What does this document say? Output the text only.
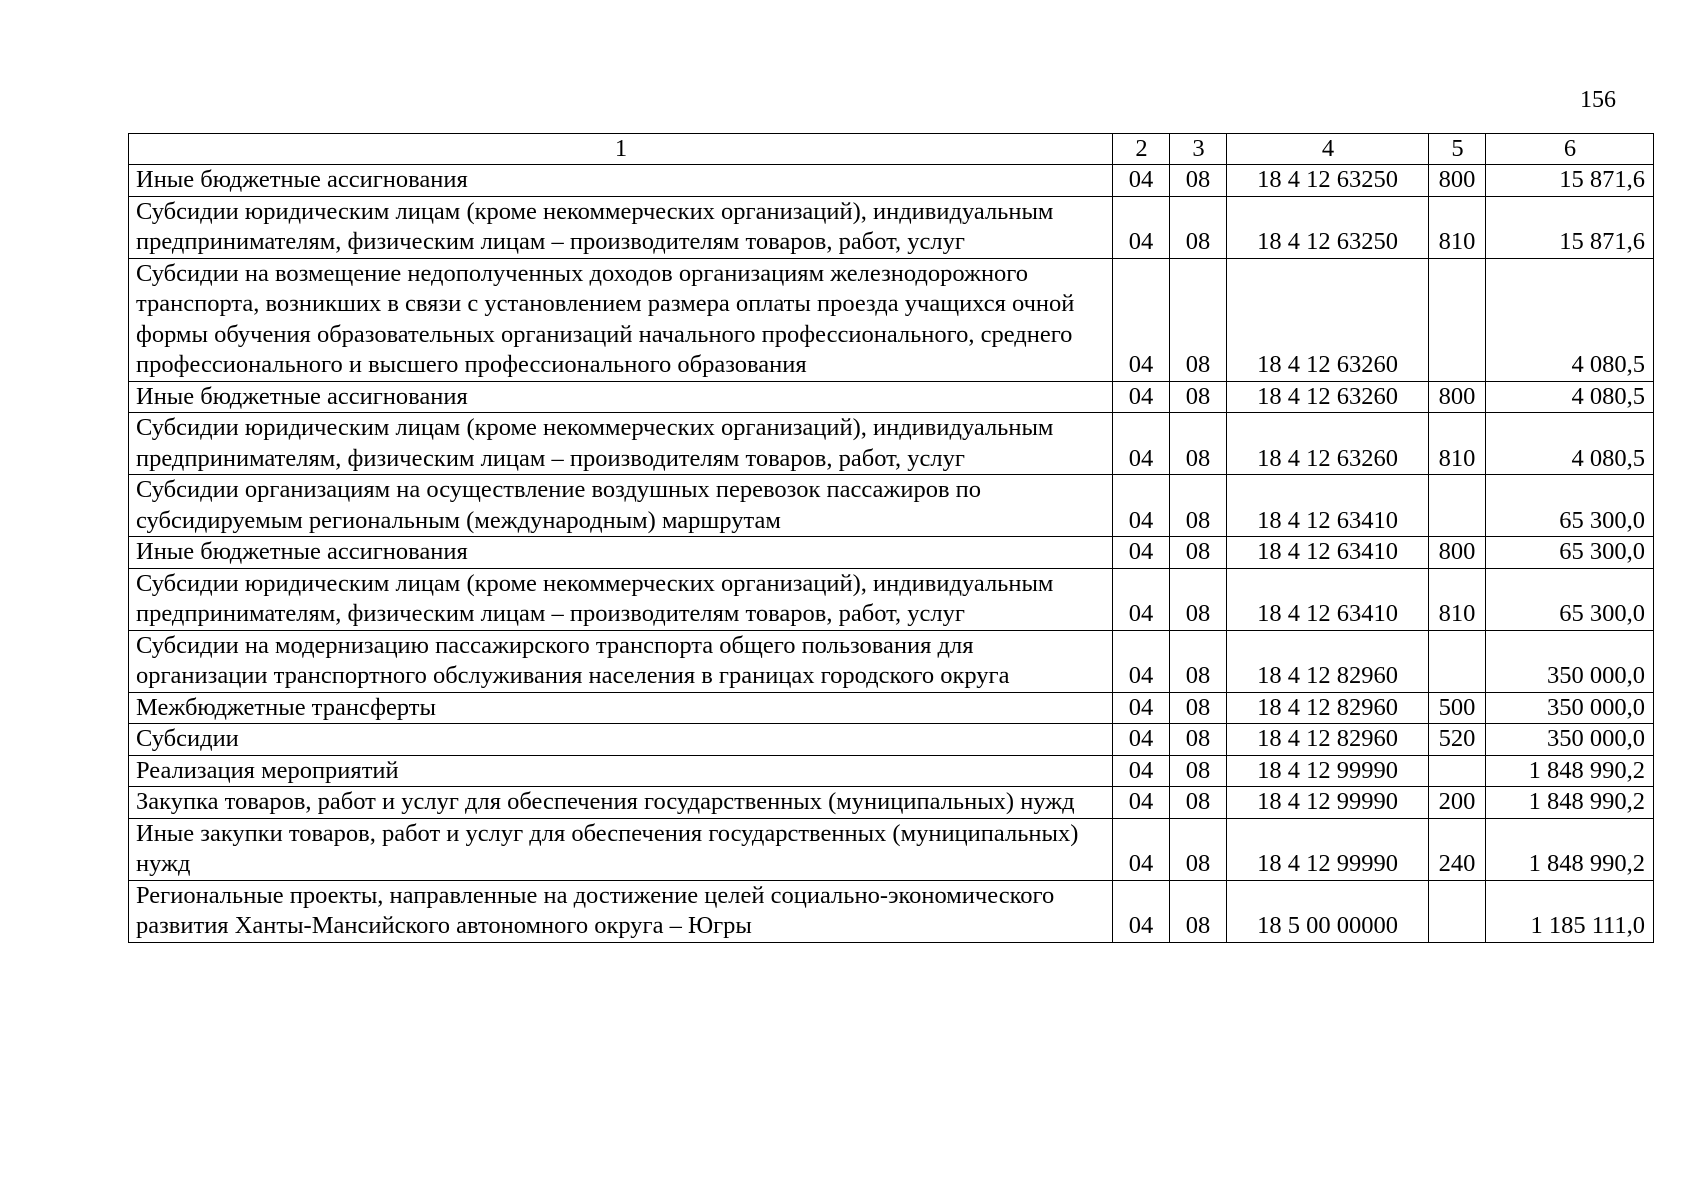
156
1	2	3	4	5	6
Иные бюджетные ассигнования	04	08	18 4 12 63250	800	15 871,6
Субсидии юридическим лицам (кроме некоммерческих организаций), индивидуальным предпринимателям, физическим лицам – производителям товаров, работ, услуг	04	08	18 4 12 63250	810	15 871,6
Субсидии на возмещение недополученных доходов организациям железнодорожного транспорта, возникших в связи с установлением размера оплаты проезда учащихся очной формы обучения образовательных организаций начального профессионального, среднего профессионального и высшего профессионального образования	04	08	18 4 12 63260		4 080,5
Иные бюджетные ассигнования	04	08	18 4 12 63260	800	4 080,5
Субсидии юридическим лицам (кроме некоммерческих организаций), индивидуальным предпринимателям, физическим лицам – производителям товаров, работ, услуг	04	08	18 4 12 63260	810	4 080,5
Субсидии организациям на осуществление воздушных перевозок пассажиров по субсидируемым региональным (международным) маршрутам	04	08	18 4 12 63410		65 300,0
Иные бюджетные ассигнования	04	08	18 4 12 63410	800	65 300,0
Субсидии юридическим лицам (кроме некоммерческих организаций), индивидуальным предпринимателям, физическим лицам – производителям товаров, работ, услуг	04	08	18 4 12 63410	810	65 300,0
Субсидии на модернизацию пассажирского транспорта общего пользования для организации транспортного обслуживания населения в границах городского округа	04	08	18 4 12 82960		350 000,0
Межбюджетные трансферты	04	08	18 4 12 82960	500	350 000,0
Субсидии	04	08	18 4 12 82960	520	350 000,0
Реализация мероприятий	04	08	18 4 12 99990		1 848 990,2
Закупка товаров, работ и услуг для обеспечения государственных (муниципальных) нужд	04	08	18 4 12 99990	200	1 848 990,2
Иные закупки товаров, работ и услуг для обеспечения государственных (муниципальных) нужд	04	08	18 4 12 99990	240	1 848 990,2
Региональные проекты, направленные на достижение целей социально-экономического развития Ханты-Мансийского автономного округа – Югры	04	08	18 5 00 00000		1 185 111,0
